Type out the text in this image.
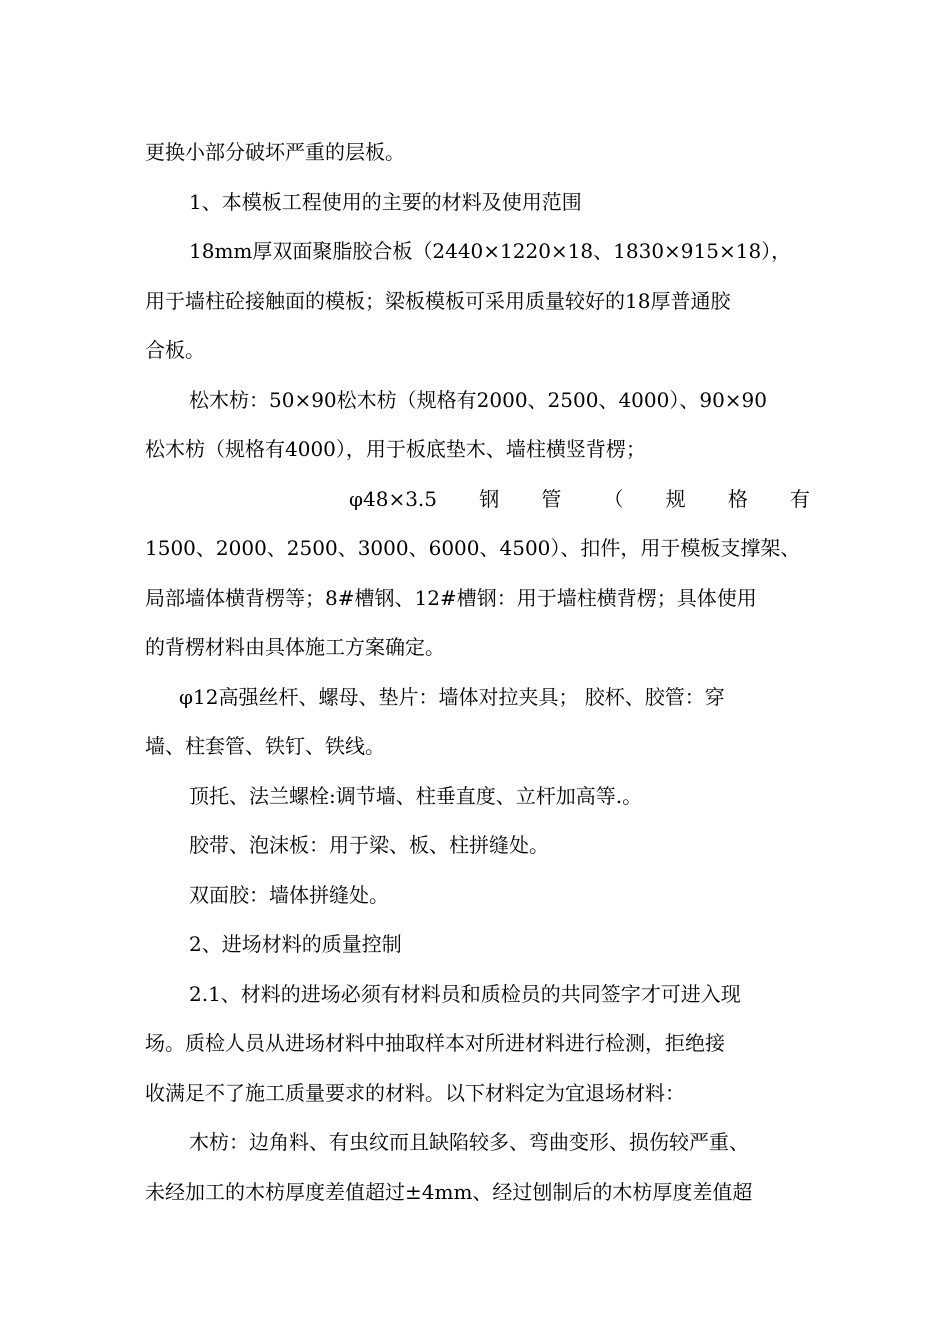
更换小部分破坏严重的层板。
1、本模板工程使用的主要的材料及使用范围
18mm厚双面聚脂胶合板（2440×1220×18、1830×915×18），
用于墙柱砼接触面的模板；梁板模板可采用质量较好的18厚普通胶
合板。
松木枋：50×90松木枋（规格有2000、2500、4000）、90×90
松木枋（规格有4000），用于板底垫木、墙柱横竖背楞；
φ48×3.5 钢 管 （ 规 格 有
1500、2000、2500、3000、6000、4500）、扣件，用于模板支撑架、
局部墙体横背楞等；8#槽钢、12#槽钢：用于墙柱横背楞；具体使用
的背楞材料由具体施工方案确定。
φ12高强丝杆、螺母、垫片：墙体对拉夹具； 胶杯、胶管：穿
墙、柱套管、铁钉、铁线。
顶托、法兰螺栓:调节墙、柱垂直度、立杆加高等.。
胶带、泡沫板：用于梁、板、柱拼缝处。
双面胶：墙体拼缝处。
2、进场材料的质量控制
2.1、材料的进场必须有材料员和质检员的共同签字才可进入现
场。质检人员从进场材料中抽取样本对所进材料进行检测，拒绝接
收满足不了施工质量要求的材料。以下材料定为宜退场材料：
木枋：边角料、有虫纹而且缺陷较多、弯曲变形、损伤较严重、
未经加工的木枋厚度差值超过±4mm、经过刨制后的木枋厚度差值超
